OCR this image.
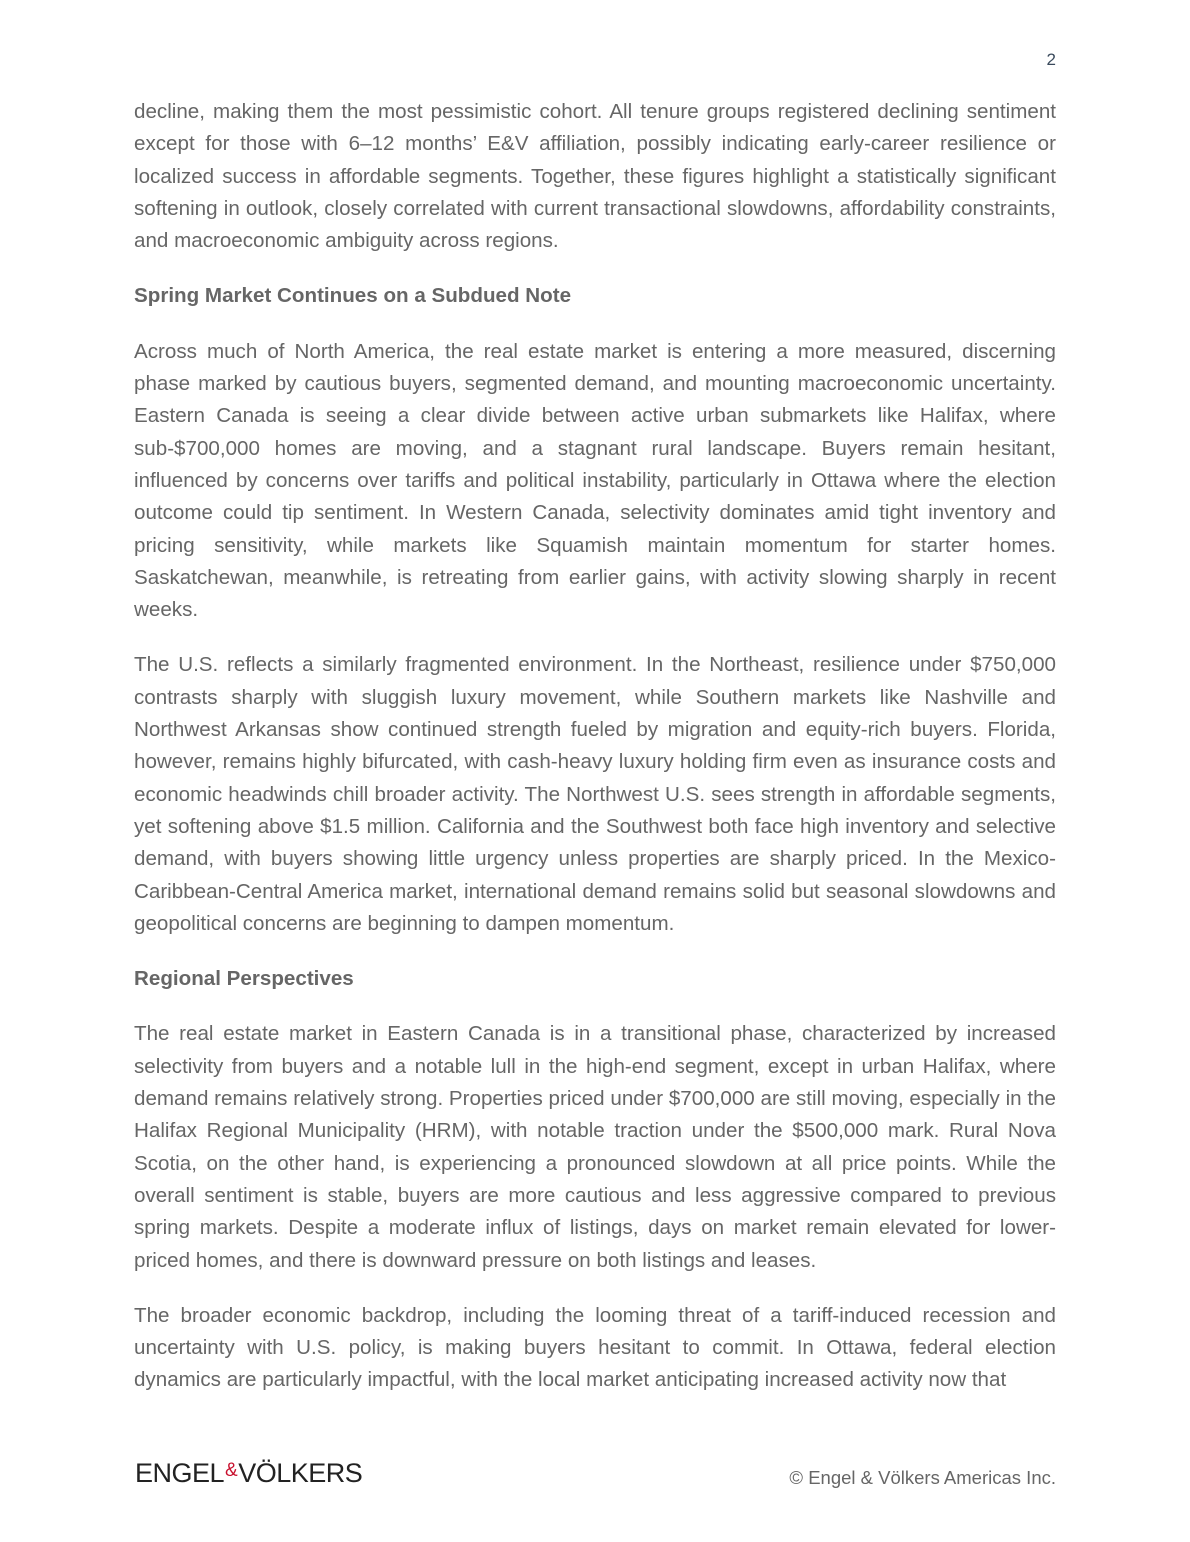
2

decline, making them the most pessimistic cohort. All tenure groups registered declining sentiment except for those with 6–12 months’ E&V affiliation, possibly indicating early-career resilience or localized success in affordable segments. Together, these figures highlight a statistically significant softening in outlook, closely correlated with current transactional slowdowns, affordability constraints, and macroeconomic ambiguity across regions.

Spring Market Continues on a Subdued Note

Across much of North America, the real estate market is entering a more measured, discerning phase marked by cautious buyers, segmented demand, and mounting macroeconomic uncertainty. Eastern Canada is seeing a clear divide between active urban submarkets like Halifax, where sub-$700,000 homes are moving, and a stagnant rural landscape. Buyers remain hesitant, influenced by concerns over tariffs and political instability, particularly in Ottawa where the election outcome could tip sentiment. In Western Canada, selectivity dominates amid tight inventory and pricing sensitivity, while markets like Squamish maintain momentum for starter homes. Saskatchewan, meanwhile, is retreating from earlier gains, with activity slowing sharply in recent weeks.

The U.S. reflects a similarly fragmented environment. In the Northeast, resilience under $750,000 contrasts sharply with sluggish luxury movement, while Southern markets like Nashville and Northwest Arkansas show continued strength fueled by migration and equity-rich buyers. Florida, however, remains highly bifurcated, with cash-heavy luxury holding firm even as insurance costs and economic headwinds chill broader activity. The Northwest U.S. sees strength in affordable segments, yet softening above $1.5 million. California and the Southwest both face high inventory and selective demand, with buyers showing little urgency unless properties are sharply priced. In the Mexico-Caribbean-Central America market, international demand remains solid but seasonal slowdowns and geopolitical concerns are beginning to dampen momentum.

Regional Perspectives

The real estate market in Eastern Canada is in a transitional phase, characterized by increased selectivity from buyers and a notable lull in the high-end segment, except in urban Halifax, where demand remains relatively strong. Properties priced under $700,000 are still moving, especially in the Halifax Regional Municipality (HRM), with notable traction under the $500,000 mark. Rural Nova Scotia, on the other hand, is experiencing a pronounced slowdown at all price points. While the overall sentiment is stable, buyers are more cautious and less aggressive compared to previous spring markets. Despite a moderate influx of listings, days on market remain elevated for lower-priced homes, and there is downward pressure on both listings and leases.

The broader economic backdrop, including the looming threat of a tariff-induced recession and uncertainty with U.S. policy, is making buyers hesitant to commit. In Ottawa, federal election dynamics are particularly impactful, with the local market anticipating increased activity now that

ENGEL&VÖLKERS	© Engel & Völkers Americas Inc.
